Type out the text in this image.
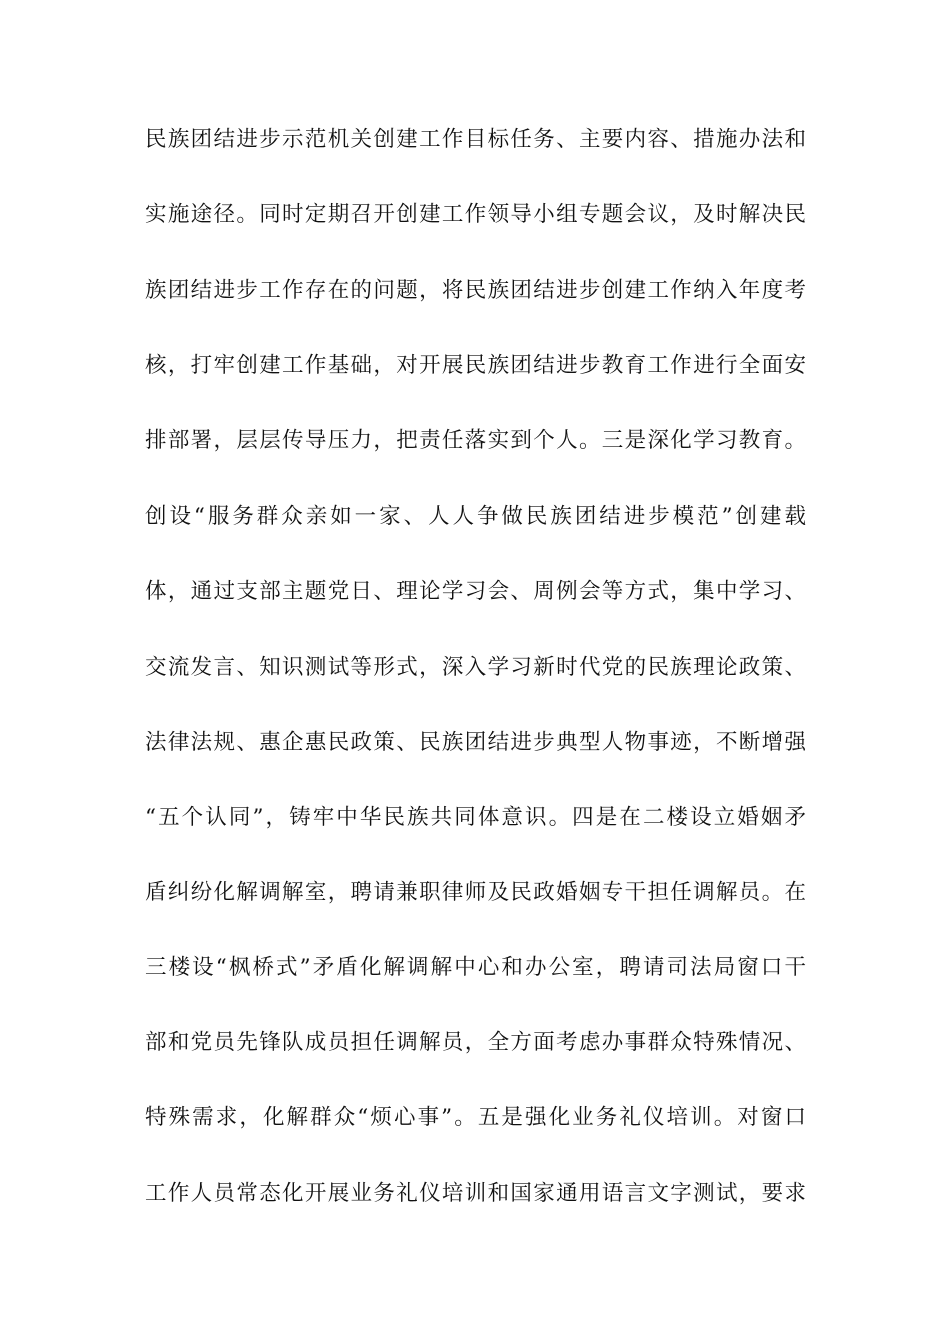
民族团结进步示范机关创建工作目标任务、主要内容、措施办法和
实施途径。同时定期召开创建工作领导小组专题会议，及时解决民
族团结进步工作存在的问题，将民族团结进步创建工作纳入年度考
核，打牢创建工作基础，对开展民族团结进步教育工作进行全面安
排部署，层层传导压力，把责任落实到个人。三是深化学习教育。
创设“服务群众亲如一家、人人争做民族团结进步模范”创建载
体，通过支部主题党日、理论学习会、周例会等方式，集中学习、
交流发言、知识测试等形式，深入学习新时代党的民族理论政策、
法律法规、惠企惠民政策、民族团结进步典型人物事迹，不断增强
“五个认同”，铸牢中华民族共同体意识。四是在二楼设立婚姻矛
盾纠纷化解调解室，聘请兼职律师及民政婚姻专干担任调解员。在
三楼设“枫桥式”矛盾化解调解中心和办公室，聘请司法局窗口干
部和党员先锋队成员担任调解员，全方面考虑办事群众特殊情况、
特殊需求，化解群众“烦心事”。五是强化业务礼仪培训。对窗口
工作人员常态化开展业务礼仪培训和国家通用语言文字测试，要求
